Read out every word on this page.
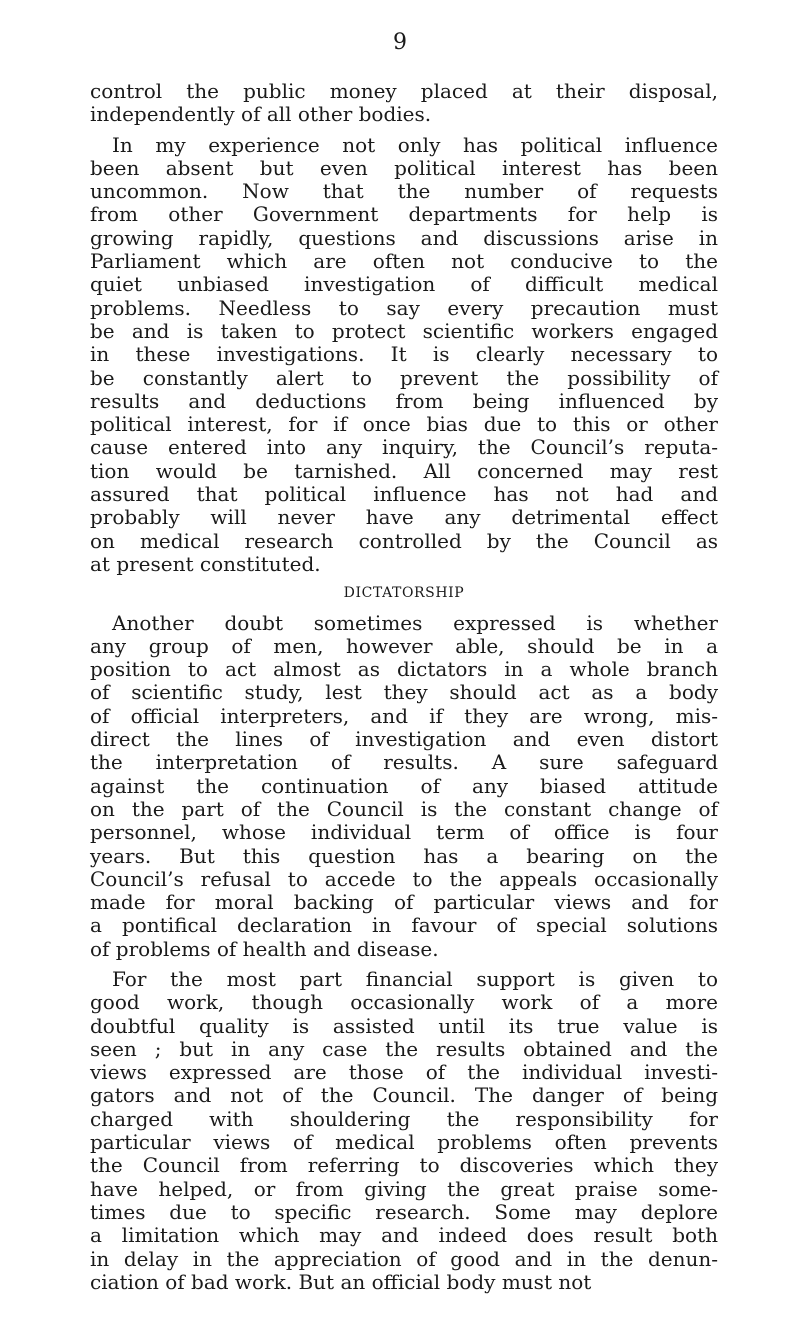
9
control the public money placed at their disposal,
independently of all other bodies.
In my experience not only has political influence
been absent but even political interest has been
uncommon. Now that the number of requests
from other Government departments for help is
growing rapidly, questions and discussions arise in
Parliament which are often not conducive to the
quiet unbiased investigation of difficult medical
problems. Needless to say every precaution must
be and is taken to protect scientific workers engaged
in these investigations. It is clearly necessary to
be constantly alert to prevent the possibility of
results and deductions from being influenced by
political interest, for if once bias due to this or other
cause entered into any inquiry, the Council’s reputa-
tion would be tarnished. All concerned may rest
assured that political influence has not had and
probably will never have any detrimental effect
on medical research controlled by the Council as
at present constituted.
DICTATORSHIP
Another doubt sometimes expressed is whether
any group of men, however able, should be in a
position to act almost as dictators in a whole branch
of scientific study, lest they should act as a body
of official interpreters, and if they are wrong, mis-
direct the lines of investigation and even distort
the interpretation of results. A sure safeguard
against the continuation of any biased attitude
on the part of the Council is the constant change of
personnel, whose individual term of office is four
years. But this question has a bearing on the
Council’s refusal to accede to the appeals occasionally
made for moral backing of particular views and for
a pontifical declaration in favour of special solutions
of problems of health and disease.
For the most part financial support is given to
good work, though occasionally work of a more
doubtful quality is assisted until its true value is
seen ; but in any case the results obtained and the
views expressed are those of the individual investi-
gators and not of the Council. The danger of being
charged with shouldering the responsibility for
particular views of medical problems often prevents
the Council from referring to discoveries which they
have helped, or from giving the great praise some-
times due to specific research. Some may deplore
a limitation which may and indeed does result both
in delay in the appreciation of good and in the denun-
ciation of bad work. But an official body must not
